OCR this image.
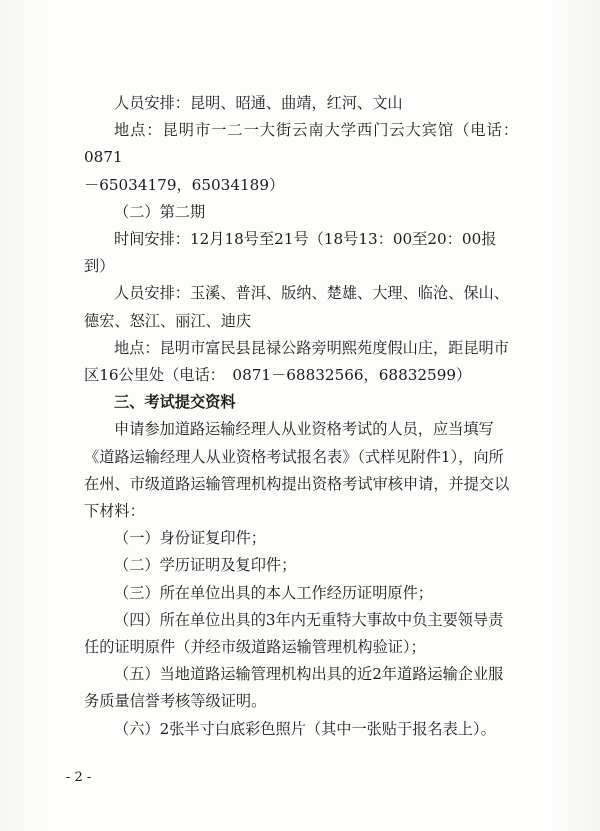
人员安排：昆明、昭通、曲靖，红河、文山

地点：昆明市一二一大街云南大学西门云大宾馆（电话：0871

－65034179，65034189）

（二）第二期

时间安排：12月18号至21号（18号13：00至20：00报

到）

人员安排：玉溪、普洱、版纳、楚雄、大理、临沧、保山、

德宏、怒江、丽江、迪庆

地点：昆明市富民县昆禄公路旁明熙苑度假山庄，距昆明市

区16公里处（电话：　0871－68832566，68832599）

三、考试提交资料

申请参加道路运输经理人从业资格考试的人员，应当填写

《道路运输经理人从业资格考试报名表》（式样见附件1），向所

在州、市级道路运输管理机构提出资格考试审核申请，并提交以

下材料：

（一）身份证复印件；

（二）学历证明及复印件；

（三）所在单位出具的本人工作经历证明原件；

（四）所在单位出具的3年内无重特大事故中负主要领导责

任的证明原件（并经市级道路运输管理机构验证）；

（五）当地道路运输管理机构出具的近2年道路运输企业服

务质量信誉考核等级证明。

（六）2张半寸白底彩色照片（其中一张贴于报名表上）。

- 2 -
